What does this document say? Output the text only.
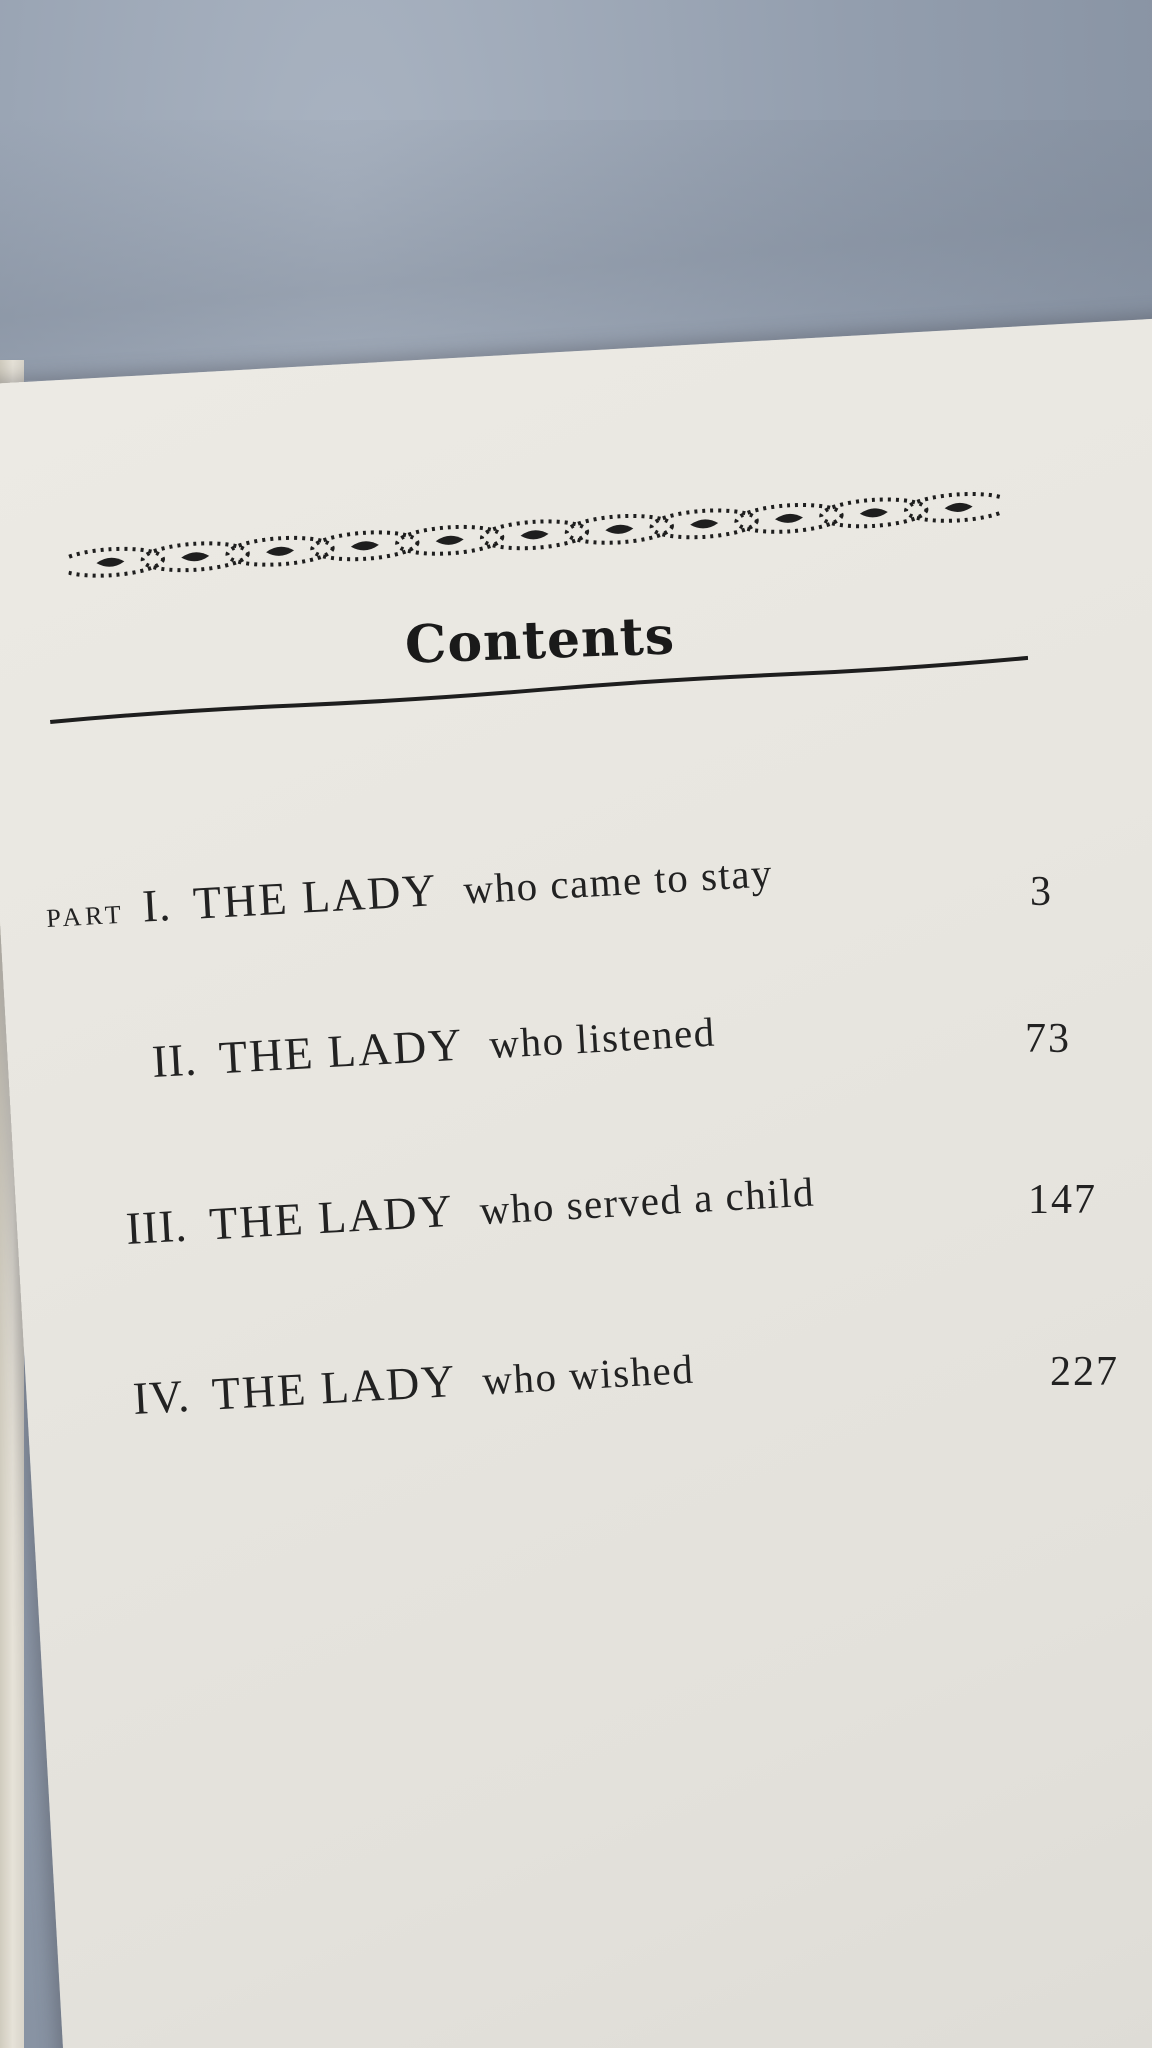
Contents
PART I. THE LADY who came to stay	3
II. THE LADY who listened	73
III. THE LADY who served a child	147
IV. THE LADY who wished	227
